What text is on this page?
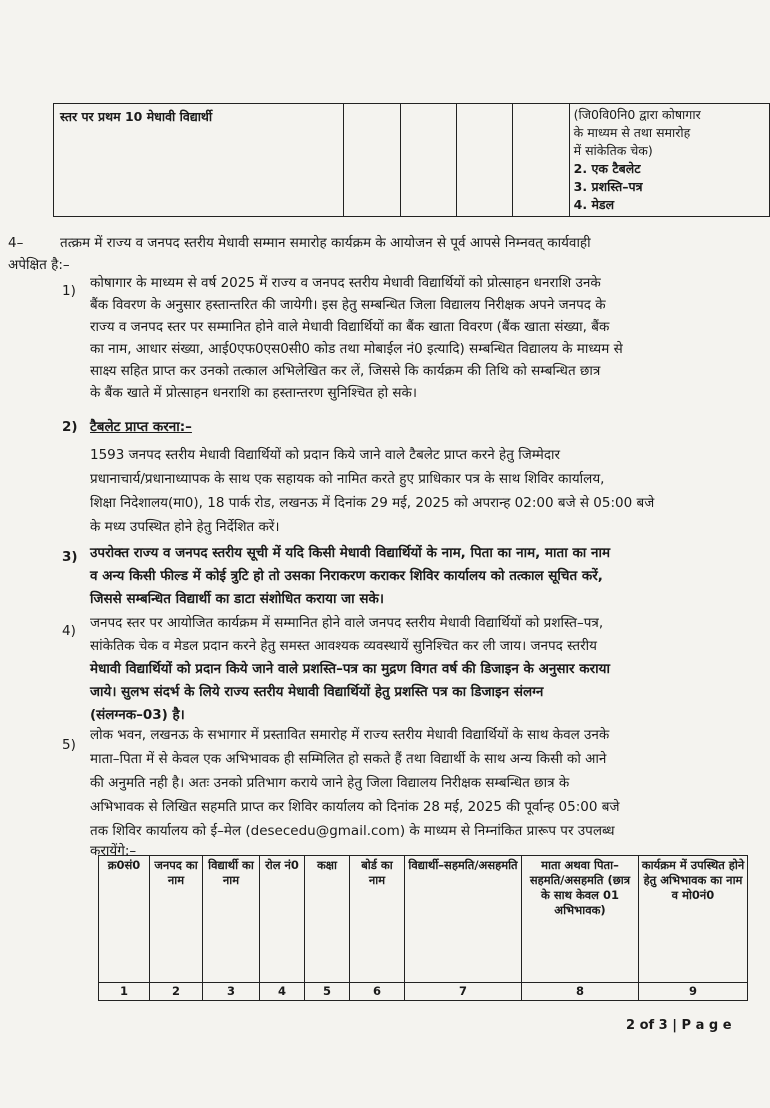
स्तर पर प्रथम 10 मेधावी विद्यार्थी					(जि0वि0नि0 द्वारा कोषागार
के माध्यम से तथा समारोह
में सांकेतिक चेक)
2. एक टैबलेट
3. प्रशस्ति–पत्र
4. मेडल
4–	तत्क्रम में राज्य व जनपद स्तरीय मेधावी सम्मान समारोह कार्यक्रम के आयोजन से पूर्व आपसे निम्नवत् कार्यवाही
अपेक्षित है:–
1) कोषागार के माध्यम से वर्ष 2025 में राज्य व जनपद स्तरीय मेधावी विद्यार्थियों को प्रोत्साहन धनराशि उनके
बैंक विवरण के अनुसार हस्तान्तरित की जायेगी। इस हेतु सम्बन्धित जिला विद्यालय निरीक्षक अपने जनपद के
राज्य व जनपद स्तर पर सम्मानित होने वाले मेधावी विद्यार्थियों का बैंक खाता विवरण (बैंक खाता संख्या, बैंक
का नाम, आधार संख्या, आई0एफ0एस0सी0 कोड तथा मोबाईल नं0 इत्यादि) सम्बन्धित विद्यालय के माध्यम से
साक्ष्य सहित प्राप्त कर उनको तत्काल अभिलेखित कर लें, जिससे कि कार्यक्रम की तिथि को सम्बन्धित छात्र
के बैंक खाते में प्रोत्साहन धनराशि का हस्तान्तरण सुनिश्चित हो सके।
2) टैबलेट प्राप्त करना:–
1593 जनपद स्तरीय मेधावी विद्यार्थियों को प्रदान किये जाने वाले टैबलेट प्राप्त करने हेतु जिम्मेदार
प्रधानाचार्य/प्रधानाध्यापक के साथ एक सहायक को नामित करते हुए प्राधिकार पत्र के साथ शिविर कार्यालय,
शिक्षा निदेशालय(मा0), 18 पार्क रोड, लखनऊ में दिनांक 29 मई, 2025 को अपरान्ह 02:00 बजे से 05:00 बजे
के मध्य उपस्थित होने हेतु निर्देशित करें।
3) उपरोक्त राज्य व जनपद स्तरीय सूची में यदि किसी मेधावी विद्यार्थियों के नाम, पिता का नाम, माता का नाम
व अन्य किसी फील्ड में कोई त्रुटि हो तो उसका निराकरण कराकर शिविर कार्यालय को तत्काल सूचित करें,
जिससे सम्बन्धित विद्यार्थी का डाटा संशोधित कराया जा सके।
4) जनपद स्तर पर आयोजित कार्यक्रम में सम्मानित होने वाले जनपद स्तरीय मेधावी विद्यार्थियों को प्रशस्ति–पत्र,
सांकेतिक चेक व मेडल प्रदान करने हेतु समस्त आवश्यक व्यवस्थायें सुनिश्चित कर ली जाय। जनपद स्तरीय
मेधावी विद्यार्थियों को प्रदान किये जाने वाले प्रशस्ति–पत्र का मुद्रण विगत वर्ष की डिजाइन के अनुसार कराया
जाये। सुलभ संदर्भ के लिये राज्य स्तरीय मेधावी विद्यार्थियों हेतु प्रशस्ति पत्र का डिजाइन संलग्न
(संलग्नक–03) है।
5)
लोक भवन, लखनऊ के सभागार में प्रस्तावित समारोह में राज्य स्तरीय मेधावी विद्यार्थियों के साथ केवल उनके
माता–पिता में से केवल एक अभिभावक ही सम्मिलित हो सकते हैं तथा विद्यार्थी के साथ अन्य किसी को आने
की अनुमति नही है। अतः उनको प्रतिभाग कराये जाने हेतु जिला विद्यालय निरीक्षक सम्बन्धित छात्र के
अभिभावक से लिखित सहमति प्राप्त कर शिविर कार्यालय को दिनांक 28 मई, 2025 की पूर्वान्ह 05:00 बजे
तक शिविर कार्यालय को ई–मेल (desecedu@gmail.com) के माध्यम से निम्नांकित प्रारूप पर उपलब्ध
करायेंगे:–
क्र0सं0	जनपद का नाम	विद्यार्थी का नाम	रोल नं0	कक्षा	बोर्ड का नाम	विद्यार्थी–सहमति/असहमति	माता अथवा पिता–सहमति/असहमति (छात्र के साथ केवल 01 अभिभावक)	कार्यक्रम में उपस्थित होने हेतु अभिभावक का नाम व मो0नं0
1	2	3	4	5	6	7	8	9
2 of 3 | P a g e
